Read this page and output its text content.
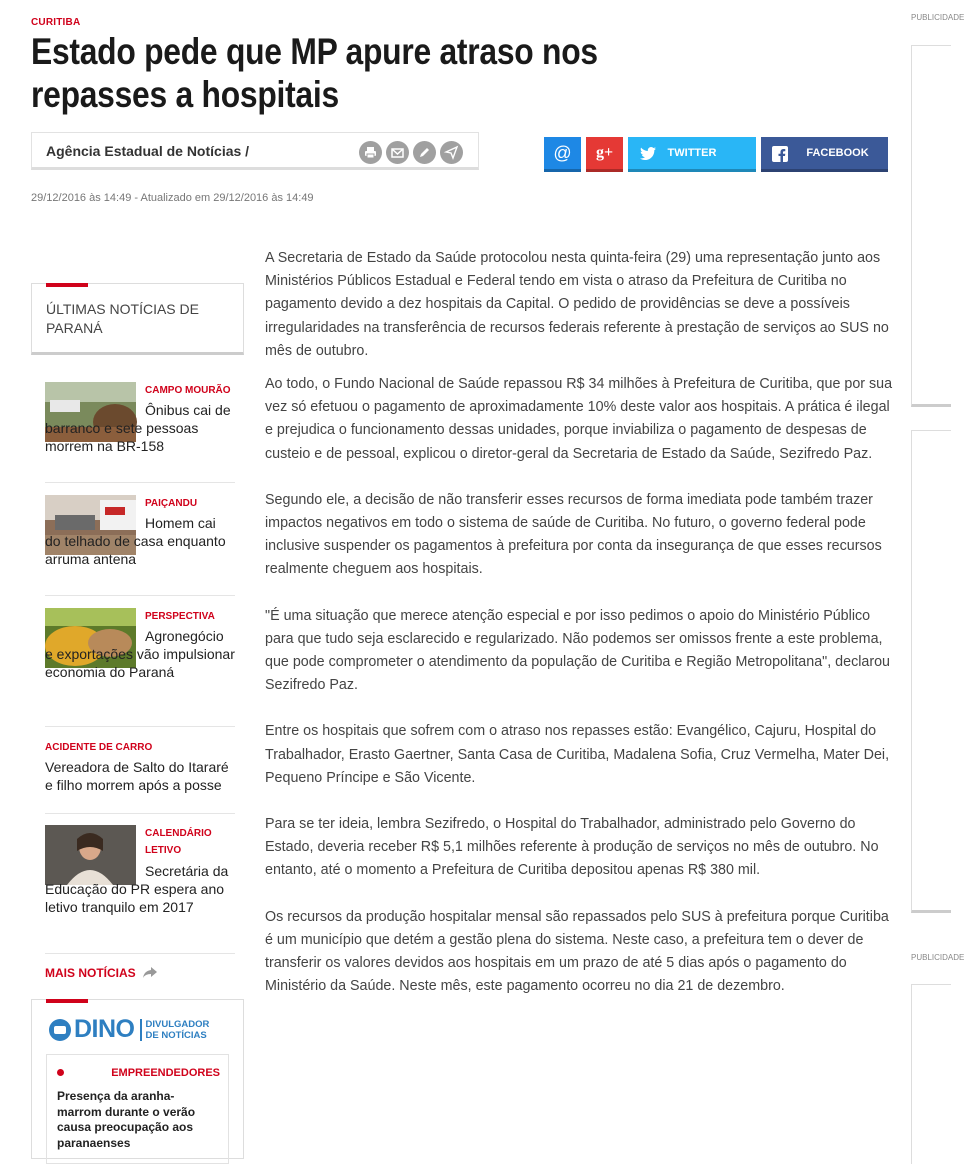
CURITIBA
Estado pede que MP apure atraso nos repasses a hospitais
Agência Estadual de Notícias /	@ g+	TWITTER	FACEBOOK
29/12/2016 às 14:49 - Atualizado em 29/12/2016 às 14:49
ÚLTIMAS NOTÍCIAS DE PARANÁ
CAMPO MOURÃO
Ônibus cai de barranco e sete pessoas morrem na BR-158
PAIÇANDU
Homem cai do telhado de casa enquanto arruma antena
PERSPECTIVA
Agronegócio e exportações vão impulsionar economia do Paraná
ACIDENTE DE CARRO
Vereadora de Salto do Itararé e filho morrem após a posse
CALENDÁRIO LETIVO
Secretária da Educação do PR espera ano letivo tranquilo em 2017
MAIS NOTÍCIAS
DINO DIVULGADOR
DE NOTÍCIAS
EMPREENDEDORES
Presença da aranha-marrom durante o verão causa preocupação aos paranaenses

A Secretaria de Estado da Saúde protocolou nesta quinta-feira (29) uma representação junto aos Ministérios Públicos Estadual e Federal tendo em vista o atraso da Prefeitura de Curitiba no pagamento devido a dez hospitais da Capital. O pedido de providências se deve a possíveis irregularidades na transferência de recursos federais referente à prestação de serviços ao SUS no mês de outubro.

Ao todo, o Fundo Nacional de Saúde repassou R$ 34 milhões à Prefeitura de Curitiba, que por sua vez só efetuou o pagamento de aproximadamente 10% deste valor aos hospitais. A prática é ilegal e prejudica o funcionamento dessas unidades, porque inviabiliza o pagamento de despesas de custeio e de pessoal, explicou o diretor-geral da Secretaria de Estado da Saúde, Sezifredo Paz.

Segundo ele, a decisão de não transferir esses recursos de forma imediata pode também trazer impactos negativos em todo o sistema de saúde de Curitiba. No futuro, o governo federal pode inclusive suspender os pagamentos à prefeitura por conta da insegurança de que esses recursos realmente cheguem aos hospitais.

"É uma situação que merece atenção especial e por isso pedimos o apoio do Ministério Público para que tudo seja esclarecido e regularizado. Não podemos ser omissos frente a este problema, que pode comprometer o atendimento da população de Curitiba e Região Metropolitana", declarou Sezifredo Paz.

Entre os hospitais que sofrem com o atraso nos repasses estão: Evangélico, Cajuru, Hospital do Trabalhador, Erasto Gaertner, Santa Casa de Curitiba, Madalena Sofia, Cruz Vermelha, Mater Dei, Pequeno Príncipe e São Vicente.

Para se ter ideia, lembra Sezifredo, o Hospital do Trabalhador, administrado pelo Governo do Estado, deveria receber R$ 5,1 milhões referente à produção de serviços no mês de outubro. No entanto, até o momento a Prefeitura de Curitiba depositou apenas R$ 380 mil.

Os recursos da produção hospitalar mensal são repassados pelo SUS à prefeitura porque Curitiba é um município que detém a gestão plena do sistema. Neste caso, a prefeitura tem o dever de transferir os valores devidos aos hospitais em um prazo de até 5 dias após o pagamento do Ministério da Saúde. Neste mês, este pagamento ocorreu no dia 21 de dezembro.

PUBLICIDADE
PUBLICIDADE
